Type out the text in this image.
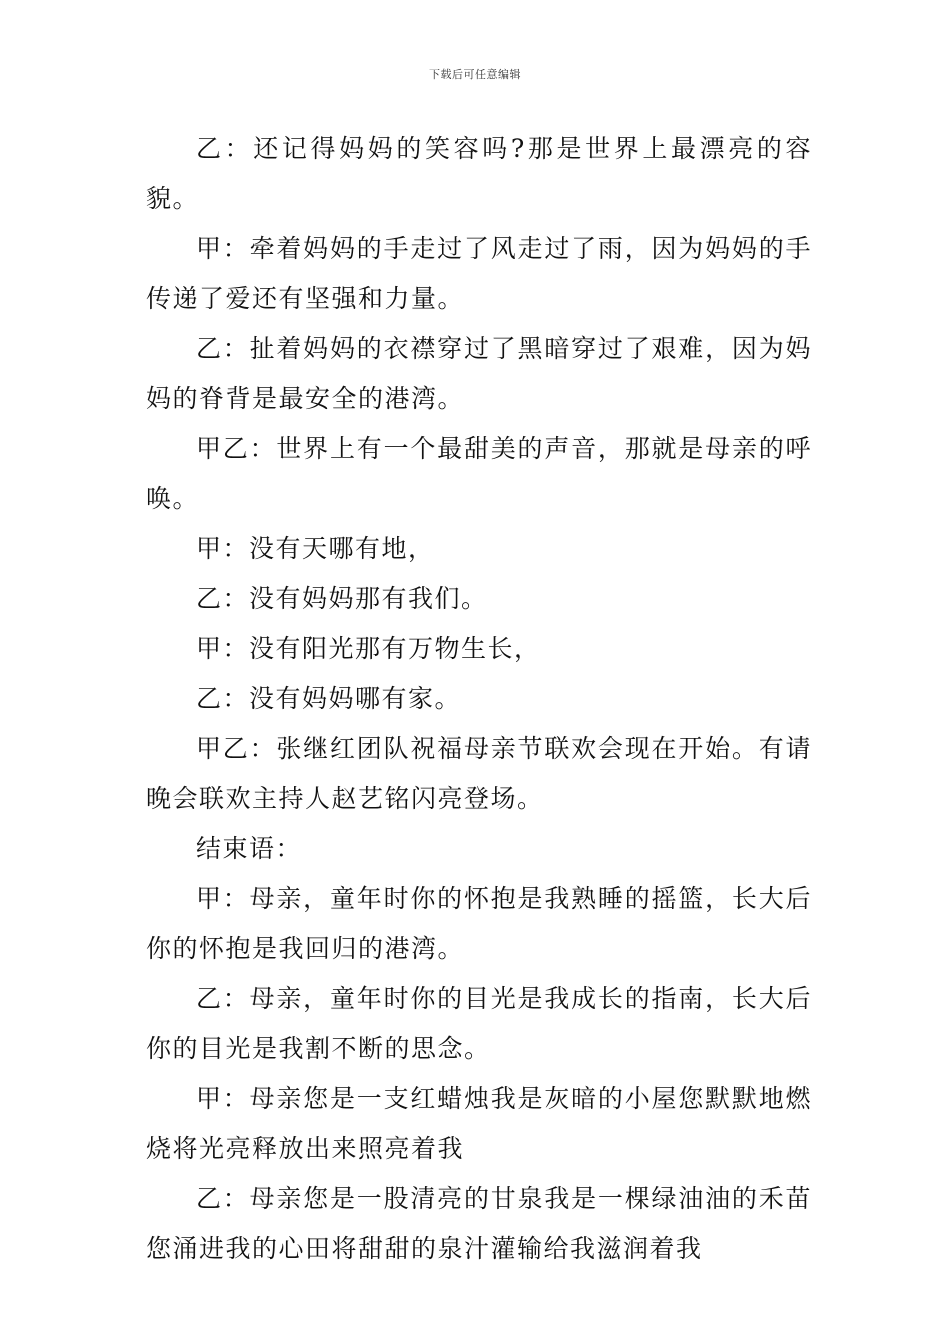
下载后可任意编辑

乙：还记得妈妈的笑容吗?那是世界上最漂亮的容貌。

甲：牵着妈妈的手走过了风走过了雨，因为妈妈的手传递了爱还有坚强和力量。

乙：扯着妈妈的衣襟穿过了黑暗穿过了艰难，因为妈妈的脊背是最安全的港湾。

甲乙：世界上有一个最甜美的声音，那就是母亲的呼唤。

甲：没有天哪有地，

乙：没有妈妈那有我们。

甲：没有阳光那有万物生长，

乙：没有妈妈哪有家。

甲乙：张继红团队祝福母亲节联欢会现在开始。有请晚会联欢主持人赵艺铭闪亮登场。

结束语：

甲：母亲，童年时你的怀抱是我熟睡的摇篮，长大后你的怀抱是我回归的港湾。

乙：母亲，童年时你的目光是我成长的指南，长大后你的目光是我割不断的思念。

甲：母亲您是一支红蜡烛我是灰暗的小屋您默默地燃烧将光亮释放出来照亮着我

乙：母亲您是一股清亮的甘泉我是一棵绿油油的禾苗您涌进我的心田将甜甜的泉汁灌输给我滋润着我
